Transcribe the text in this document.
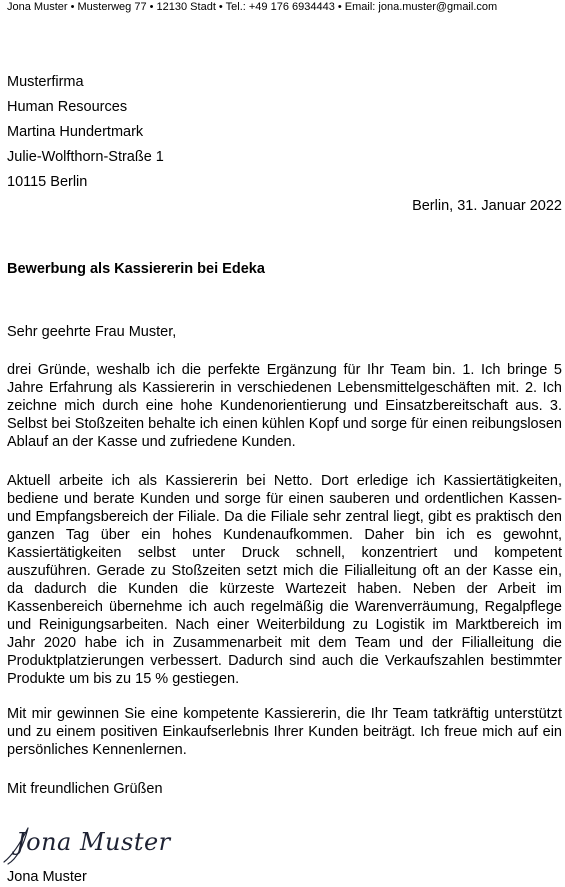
Jona Muster • Musterweg 77 • 12130 Stadt • Tel.: +49 176 6934443 • Email: jona.muster@gmail.com
Musterfirma
Human Resources
Martina Hundertmark
Julie-Wolfthorn-Straße 1
10115 Berlin
Berlin, 31. Januar 2022
Bewerbung als Kassiererin bei Edeka
Sehr geehrte Frau Muster,
drei Gründe, weshalb ich die perfekte Ergänzung für Ihr Team bin. 1. Ich bringe 5 Jahre Erfahrung als Kassiererin in verschiedenen Lebensmittelgeschäften mit. 2. Ich zeichne mich durch eine hohe Kundenorientierung und Einsatzbereitschaft aus. 3. Selbst bei Stoßzeiten behalte ich einen kühlen Kopf und sorge für einen reibungslosen Ablauf an der Kasse und zufriedene Kunden.
Aktuell arbeite ich als Kassiererin bei Netto. Dort erledige ich Kassiertätigkeiten, bediene und berate Kunden und sorge für einen sauberen und ordentlichen Kassen- und Empfangsbereich der Filiale. Da die Filiale sehr zentral liegt, gibt es praktisch den ganzen Tag über ein hohes Kundenaufkommen. Daher bin ich es gewohnt, Kassiertätigkeiten selbst unter Druck schnell, konzentriert und kompetent auszuführen. Gerade zu Stoßzeiten setzt mich die Filialleitung oft an der Kasse ein, da dadurch die Kunden die kürzeste Wartezeit haben. Neben der Arbeit im Kassenbereich übernehme ich auch regelmäßig die Warenverräumung, Regalpflege und Reinigungsarbeiten. Nach einer Weiterbildung zu Logistik im Marktbereich im Jahr 2020 habe ich in Zusammenarbeit mit dem Team und der Filialleitung die Produktplatzierungen verbessert. Dadurch sind auch die Verkaufszahlen bestimmter Produkte um bis zu 15 % gestiegen.
Mit mir gewinnen Sie eine kompetente Kassiererin, die Ihr Team tatkräftig unterstützt und zu einem positiven Einkaufserlebnis Ihrer Kunden beiträgt. Ich freue mich auf ein persönliches Kennenlernen.
Mit freundlichen Grüßen
Jona Muster
Jona Muster
